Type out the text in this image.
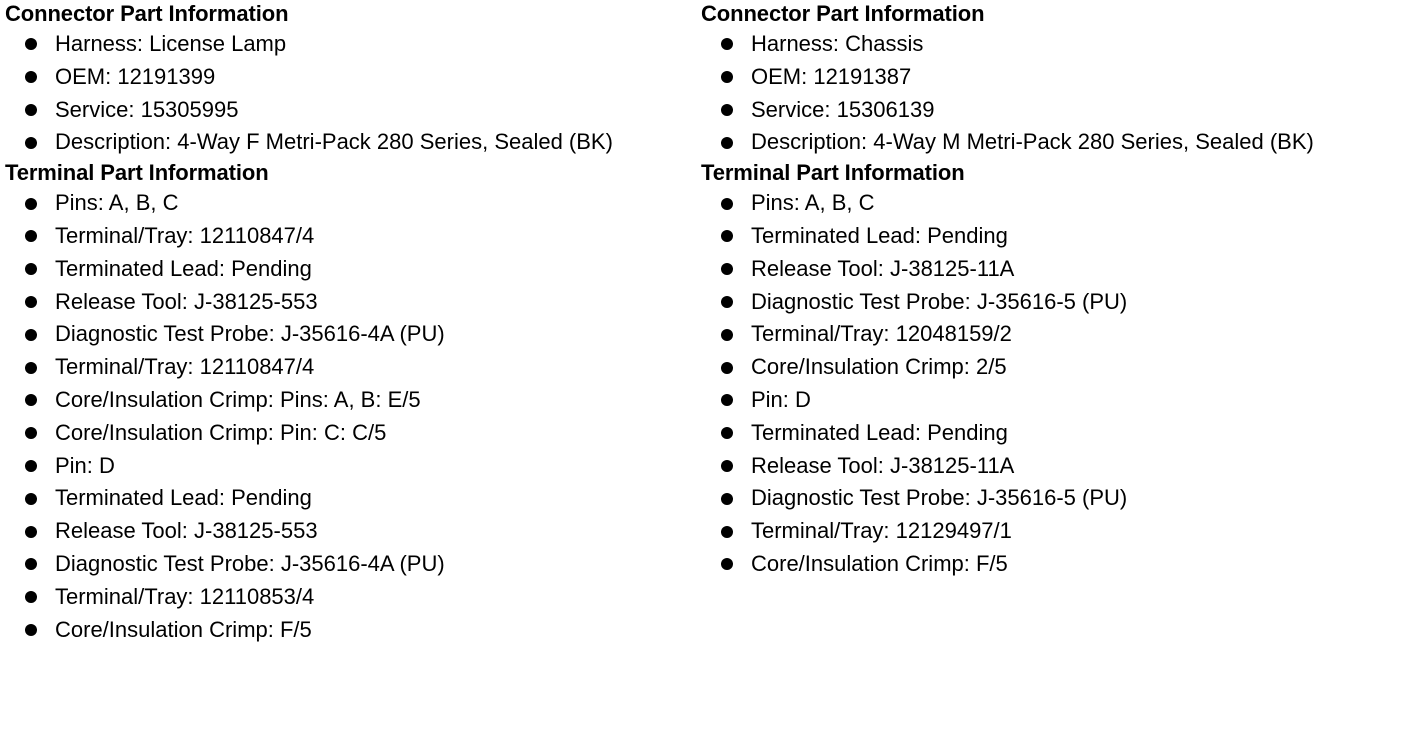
Connector Part Information
Harness: License Lamp
OEM: 12191399
Service: 15305995
Description: 4-Way F Metri-Pack 280 Series, Sealed (BK)
Terminal Part Information
Pins: A, B, C
Terminal/Tray: 12110847/4
Terminated Lead: Pending
Release Tool: J-38125-553
Diagnostic Test Probe: J-35616-4A (PU)
Terminal/Tray: 12110847/4
Core/Insulation Crimp: Pins: A, B: E/5
Core/Insulation Crimp: Pin: C: C/5
Pin: D
Terminated Lead: Pending
Release Tool: J-38125-553
Diagnostic Test Probe: J-35616-4A (PU)
Terminal/Tray: 12110853/4
Core/Insulation Crimp: F/5
Connector Part Information
Harness: Chassis
OEM: 12191387
Service: 15306139
Description: 4-Way M Metri-Pack 280 Series, Sealed (BK)
Terminal Part Information
Pins: A, B, C
Terminated Lead: Pending
Release Tool: J-38125-11A
Diagnostic Test Probe: J-35616-5 (PU)
Terminal/Tray: 12048159/2
Core/Insulation Crimp: 2/5
Pin: D
Terminated Lead: Pending
Release Tool: J-38125-11A
Diagnostic Test Probe: J-35616-5 (PU)
Terminal/Tray: 12129497/1
Core/Insulation Crimp: F/5
